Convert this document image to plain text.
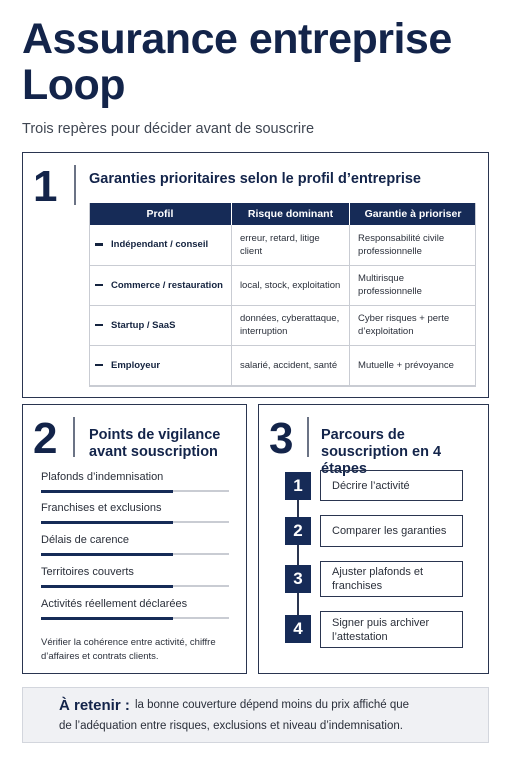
Assurance entreprise Loop
Trois repères pour décider avant de souscrire
1 Garanties prioritaires selon le profil d’entreprise
Profil	Risque dominant	Garantie à prioriser
Indépendant / conseil	erreur, retard, litige client	Responsabilité civile professionnelle
Commerce / restauration	local, stock, exploitation	Multirisque professionnelle
Startup / SaaS	données, cyberattaque, interruption	Cyber risques + perte d’exploitation
Employeur	salarié, accident, santé	Mutuelle + prévoyance
2 Points de vigilance avant souscription
Plafonds d’indemnisation
Franchises et exclusions
Délais de carence
Territoires couverts
Activités réellement déclarées
Vérifier la cohérence entre activité, chiffre d’affaires et contrats clients.
3 Parcours de souscription en 4 étapes
1	Décrire l’activité
2	Comparer les garanties
3	Ajuster plafonds et franchises
4	Signer puis archiver l’attestation
À retenir : la bonne couverture dépend moins du prix affiché que
de l’adéquation entre risques, exclusions et niveau d’indemnisation.
